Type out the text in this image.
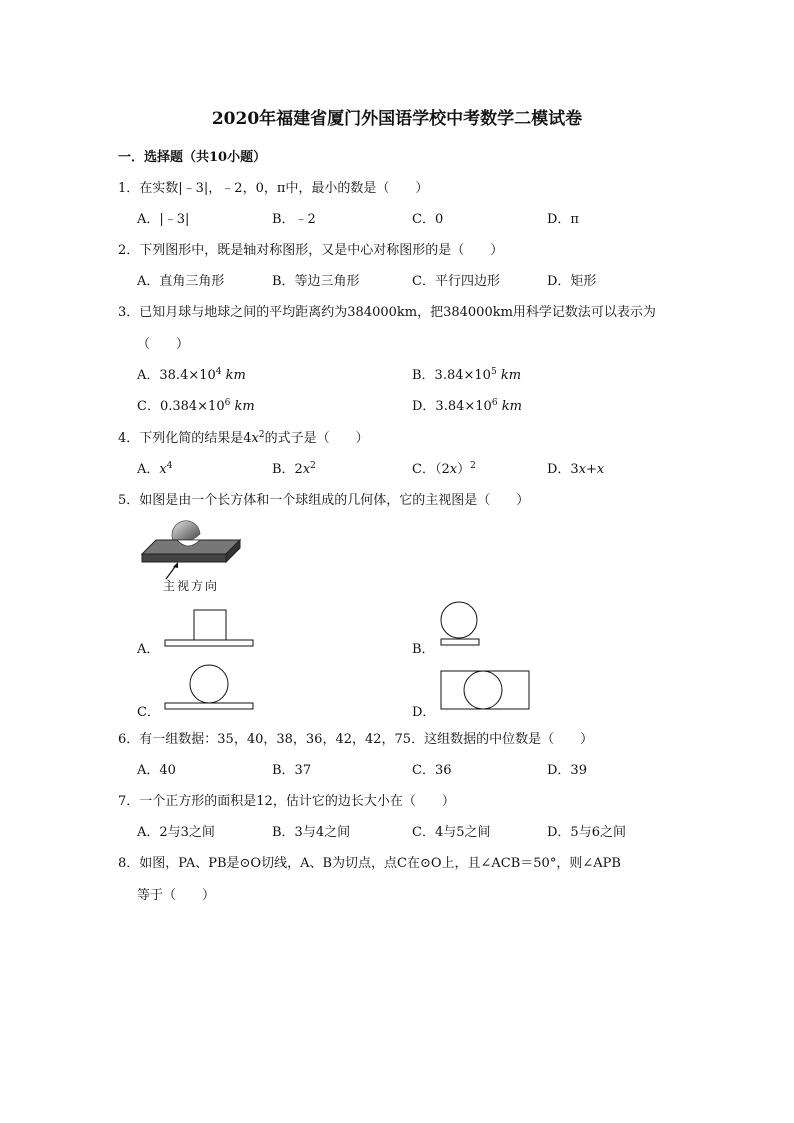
2020年福建省厦门外国语学校中考数学二模试卷
一．选择题（共10小题）
1．在实数|﹣3|，﹣2，0，π中，最小的数是（　　）
A．|﹣3|	B．﹣2	C．0	D．π
2．下列图形中，既是轴对称图形，又是中心对称图形的是（　　）
A．直角三角形	B．等边三角形	C．平行四边形	D．矩形
3．已知月球与地球之间的平均距离约为384000km，把384000km用科学记数法可以表示为
（　　）
A．$38.4\times 10^4$ km	B．$3.84\times 10^5$ km
C．$0.384\times 10^6$ km	D．$3.84\times 10^6$ km
4．下列化简的结果是$4x^2$的式子是（　　）
A．$x^4$	B．$2x^2$	C．$(2x)^2$	D．3x+x
5．如图是由一个长方体和一个球组成的几何体，它的主视图是（　　）
主视方向
A．	B．
C．	D．
6．有一组数据：35，40，38，36，42，42，75．这组数据的中位数是（　　）
A．40	B．37	C．36	D．39
7．一个正方形的面积是12，估计它的边长大小在（　　）
A．2与3之间	B．3与4之间	C．4与5之间	D．5与6之间
8．如图，PA、PB是⊙O切线，A、B为切点，点C在⊙O上，且∠ACB＝50°，则∠APB
等于（　　）
